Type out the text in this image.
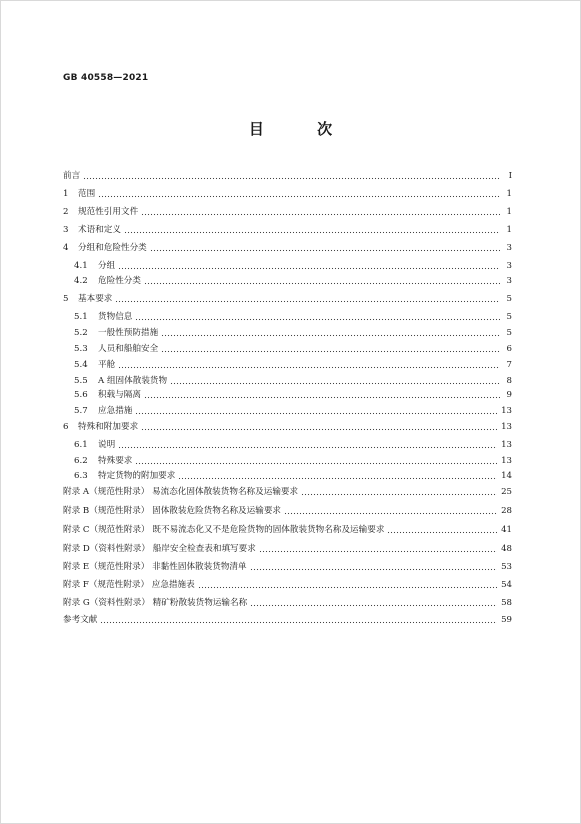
GB 40558—2021
目 次
前言	Ⅰ
1	范围	1
2	规范性引用文件	1
3	术语和定义	1
4	分组和危险性分类	3
4.1	分组	3
4.2	危险性分类	3
5	基本要求	5
5.1	货物信息	5
5.2	一般性预防措施	5
5.3	人员和船舶安全	6
5.4	平舱	7
5.5	A 组固体散装货物	8
5.6	积载与隔离	9
5.7	应急措施	13
6	特殊和附加要求	13
6.1	说明	13
6.2	特殊要求	13
6.3	特定货物的附加要求	14
附录 A（规范性附录） 易流态化固体散装货物名称及运输要求	25
附录 B（规范性附录） 固体散装危险货物名称及运输要求	28
附录 C（规范性附录） 既不易流态化又不是危险货物的固体散装货物名称及运输要求	41
附录 D（资料性附录） 船岸安全检查表和填写要求	48
附录 E（规范性附录） 非黏性固体散装货物清单	53
附录 F（规范性附录） 应急措施表	54
附录 G（资料性附录） 精矿粉散装货物运输名称	58
参考文献	59
